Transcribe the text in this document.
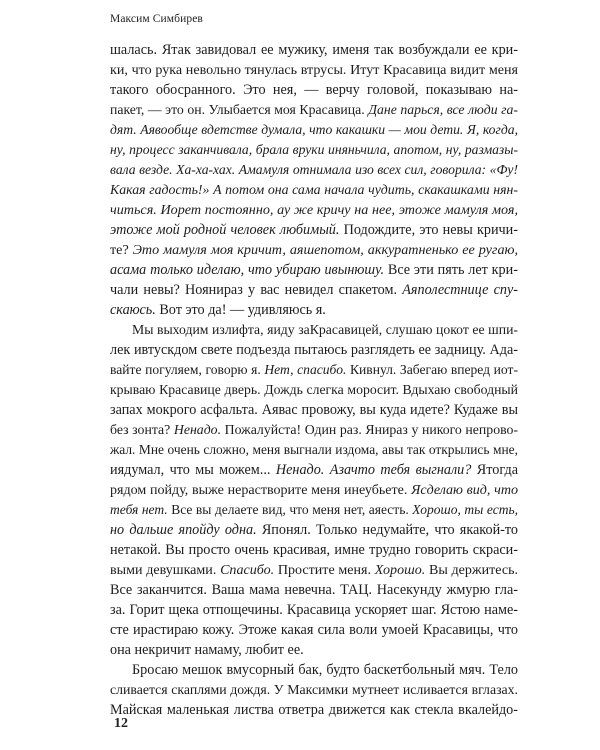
Максим Симбирев
шалась. Ятак завидовал ее мужику, именя так возбуждали ее кри-
ки, что рука невольно тянулась втрусы. Итут Красавица видит меня
такого обосранного. Это нея, — верчу головой, показываю на-
пакет, — это он. Улыбается моя Красавица. Дане парься, все люди га-
дят. Аявообще вдетстве думала, что какашки — мои дети. Я, когда,
ну, процесс заканчивала, брала вруки иняньчила, апотом, ну, размазы-
вала везде. Ха-ха-хах. Амамуля отнимала изо всех сил, говорила: «Фу!
Какая гадость!» А потом она сама начала чудить, скакашками нян-
читься. Иорет постоянно, ау же кричу на нее, этоже мамуля моя,
этоже мой родной человек любимый. Подождите, это невы кричи-
те? Это мамуля моя кричит, аяшепотом, аккуратненько ее ругаю,
асама только иделаю, что убираю ивынюшу. Все эти пять лет кри-
чали невы? Ноянираз у вас невидел спакетом. Аяполестнице спу-
скаюсь. Вот это да! — удивляюсь я.
Мы выходим излифта, яиду заКрасавицей, слушаю цокот ее шпи-
лек ивтускдом свете подъезда пытаюсь разглядеть ее задницу. Ада-
вайте погуляем, говорю я. Нет, спасибо. Кивнул. Забегаю вперед иот-
крываю Красавице дверь. Дождь слегка моросит. Вдыхаю свободный
запах мокрого асфальта. Аявас провожу, вы куда идете? Кудаже вы
без зонта? Ненадо. Пожалуйста! Один раз. Янираз у никого непрово-
жал. Мне очень сложно, меня выгнали издома, авы так открылись мне,
иядумал, что мы можем... Ненадо. Азачто тебя выгнали? Ятогда
рядом пойду, выже нерастворите меня инеубьете. Ясделаю вид, что
тебя нет. Все вы делаете вид, что меня нет, аяесть. Хорошо, ты есть,
но дальше япойду одна. Японял. Только недумайте, что якакой-то
нетакой. Вы просто очень красивая, имне трудно говорить скраси-
выми девушками. Спасибо. Простите меня. Хорошо. Вы держитесь.
Все заканчится. Ваша мама невечна. ТАЦ. Насекунду жмурю гла-
за. Горит щека отпощечины. Красавица ускоряет шаг. Ястою наме-
сте ирастираю кожу. Этоже какая сила воли умоей Красавицы, что
она некричит намаму, любит ее.
Бросаю мешок вмусорный бак, будто баскетбольный мяч. Тело
сливается скаплями дождя. У Максимки мутнеет исливается вглазах.
Майская маленькая листва ответра движется как стекла вкалейдо-
12
